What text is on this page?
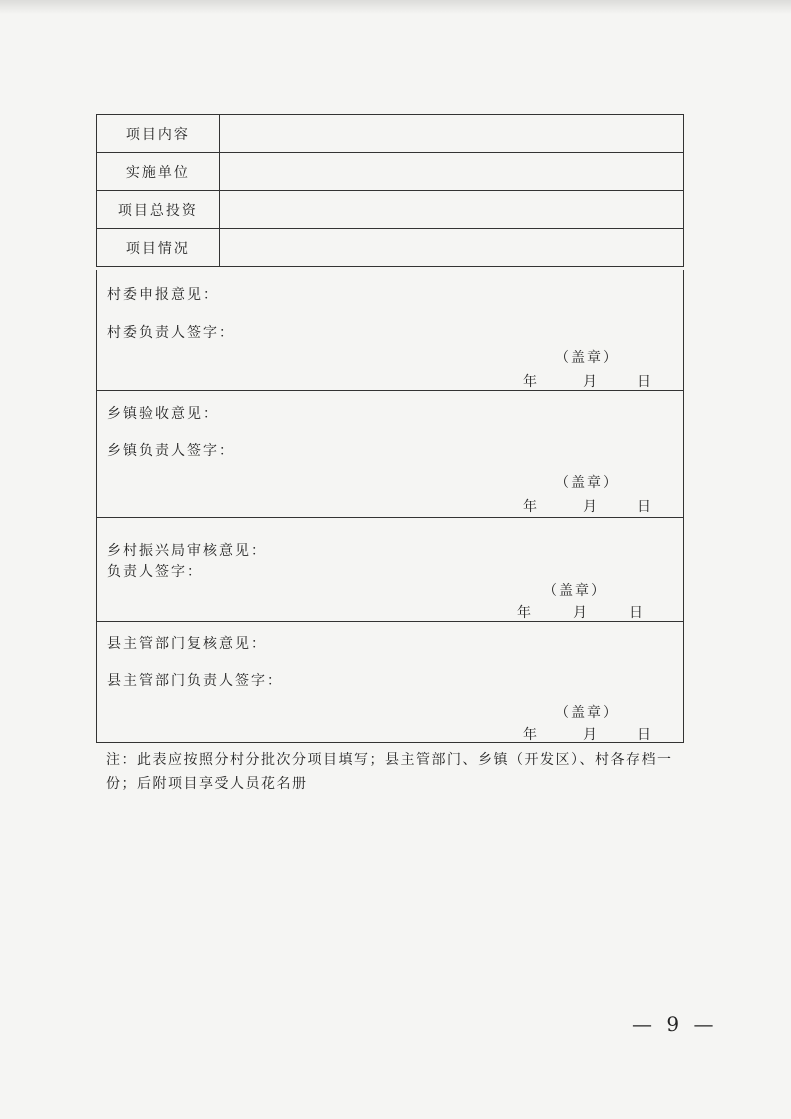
项目内容	
实施单位	
项目总投资	
项目情况	
村委申报意见：
村委负责人签字：
（盖章）
年	月	日
乡镇验收意见：
乡镇负责人签字：
（盖章）
年	月	日
乡村振兴局审核意见：
负责人签字：
（盖章）
年	月	日
县主管部门复核意见：
县主管部门负责人签字：
（盖章）
年	月	日
注：此表应按照分村分批次分项目填写；县主管部门、乡镇（开发区）、村各存档一份；后附项目享受人员花名册
— 9 —
